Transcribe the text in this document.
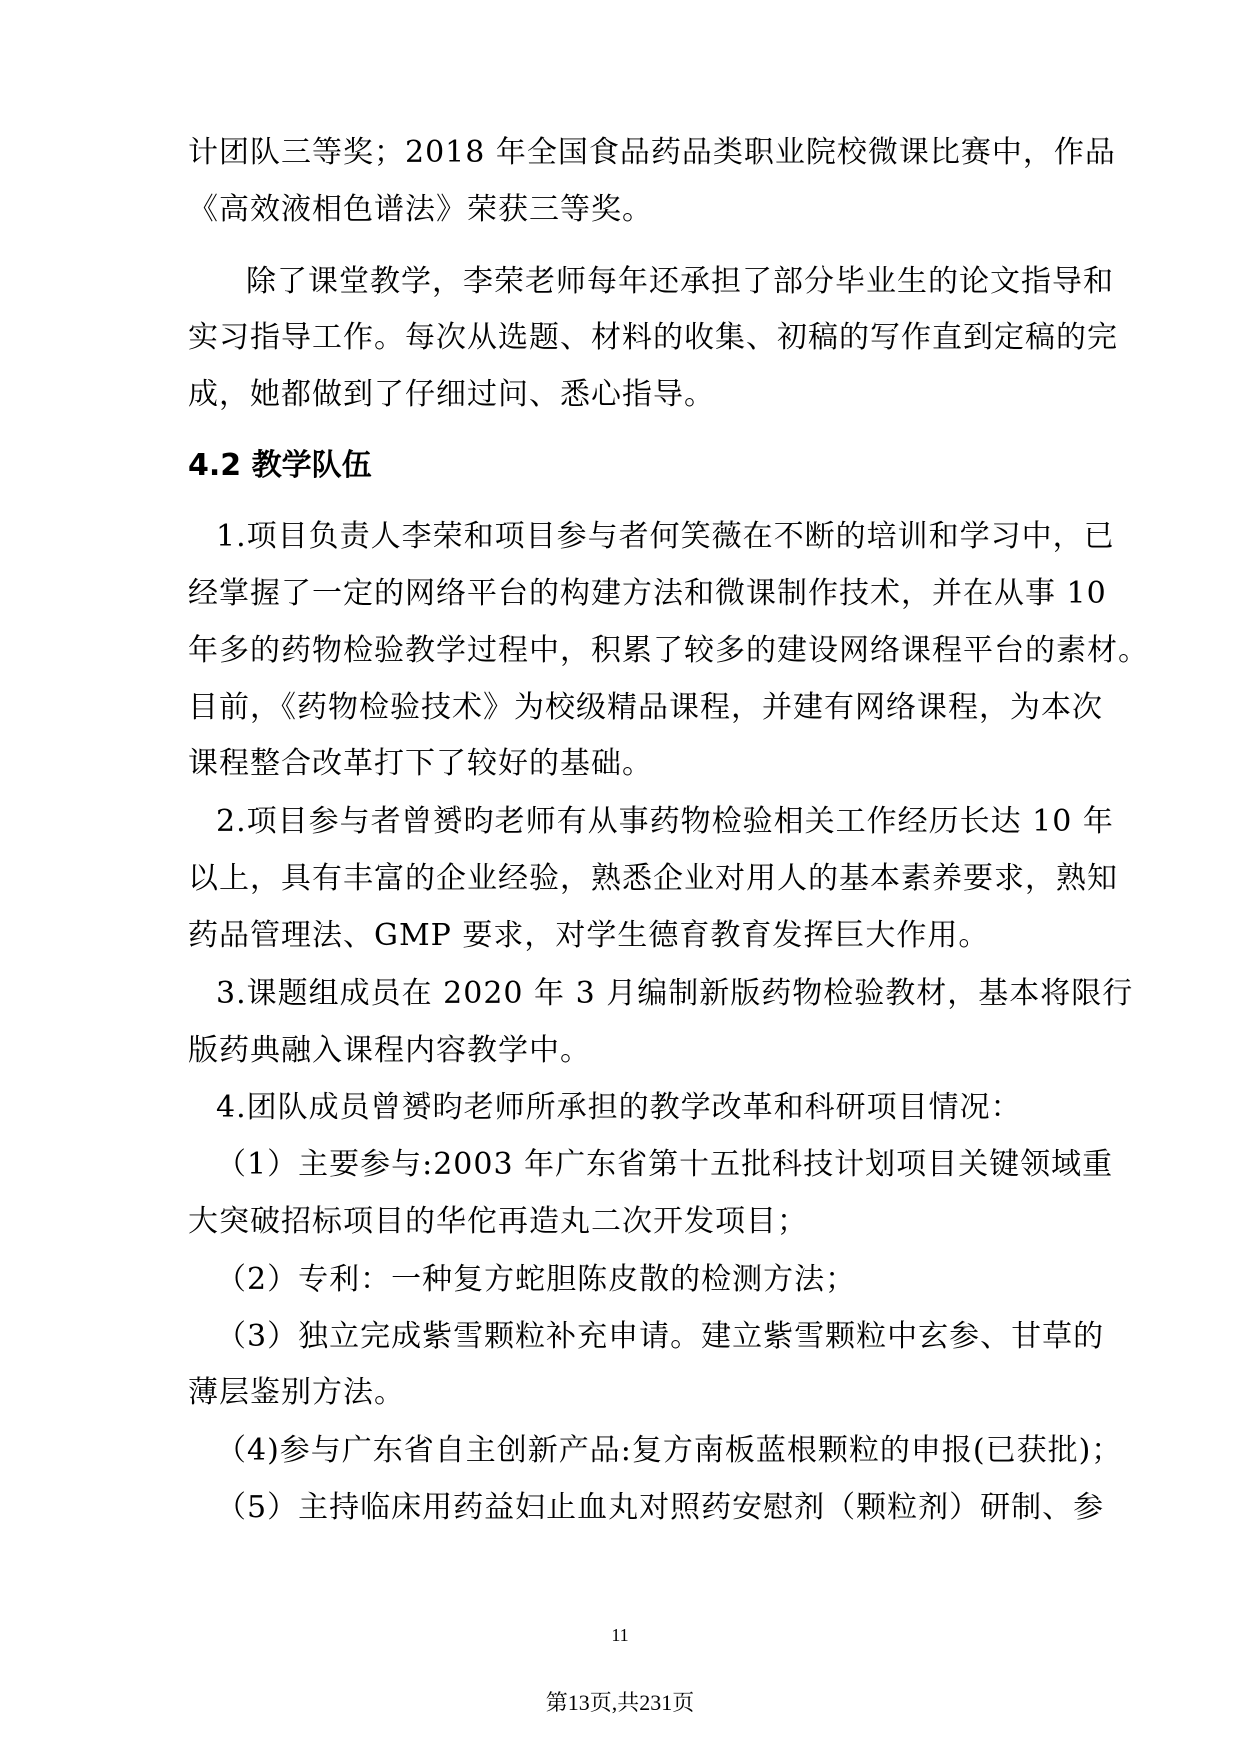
计团队三等奖；2018 年全国食品药品类职业院校微课比赛中，作品
《高效液相色谱法》荣获三等奖。
除了课堂教学，李荣老师每年还承担了部分毕业生的论文指导和
实习指导工作。每次从选题、材料的收集、初稿的写作直到定稿的完
成，她都做到了仔细过问、悉心指导。
4.2 教学队伍
1.项目负责人李荣和项目参与者何笑薇在不断的培训和学习中，已
经掌握了一定的网络平台的构建方法和微课制作技术，并在从事 10
年多的药物检验教学过程中，积累了较多的建设网络课程平台的素材。
目前，《药物检验技术》为校级精品课程，并建有网络课程，为本次
课程整合改革打下了较好的基础。
2.项目参与者曾赟昀老师有从事药物检验相关工作经历长达 10 年
以上，具有丰富的企业经验，熟悉企业对用人的基本素养要求，熟知
药品管理法、GMP 要求，对学生德育教育发挥巨大作用。
3.课题组成员在 2020 年 3 月编制新版药物检验教材，基本将限行
版药典融入课程内容教学中。
4.团队成员曾赟昀老师所承担的教学改革和科研项目情况：
（1）主要参与:2003 年广东省第十五批科技计划项目关键领域重
大突破招标项目的华佗再造丸二次开发项目；
（2）专利：一种复方蛇胆陈皮散的检测方法；
（3）独立完成紫雪颗粒补充申请。建立紫雪颗粒中玄参、甘草的
薄层鉴别方法。
（4)参与广东省自主创新产品:复方南板蓝根颗粒的申报(已获批)；
（5）主持临床用药益妇止血丸对照药安慰剂（颗粒剂）研制、参
11
第13页,共231页
